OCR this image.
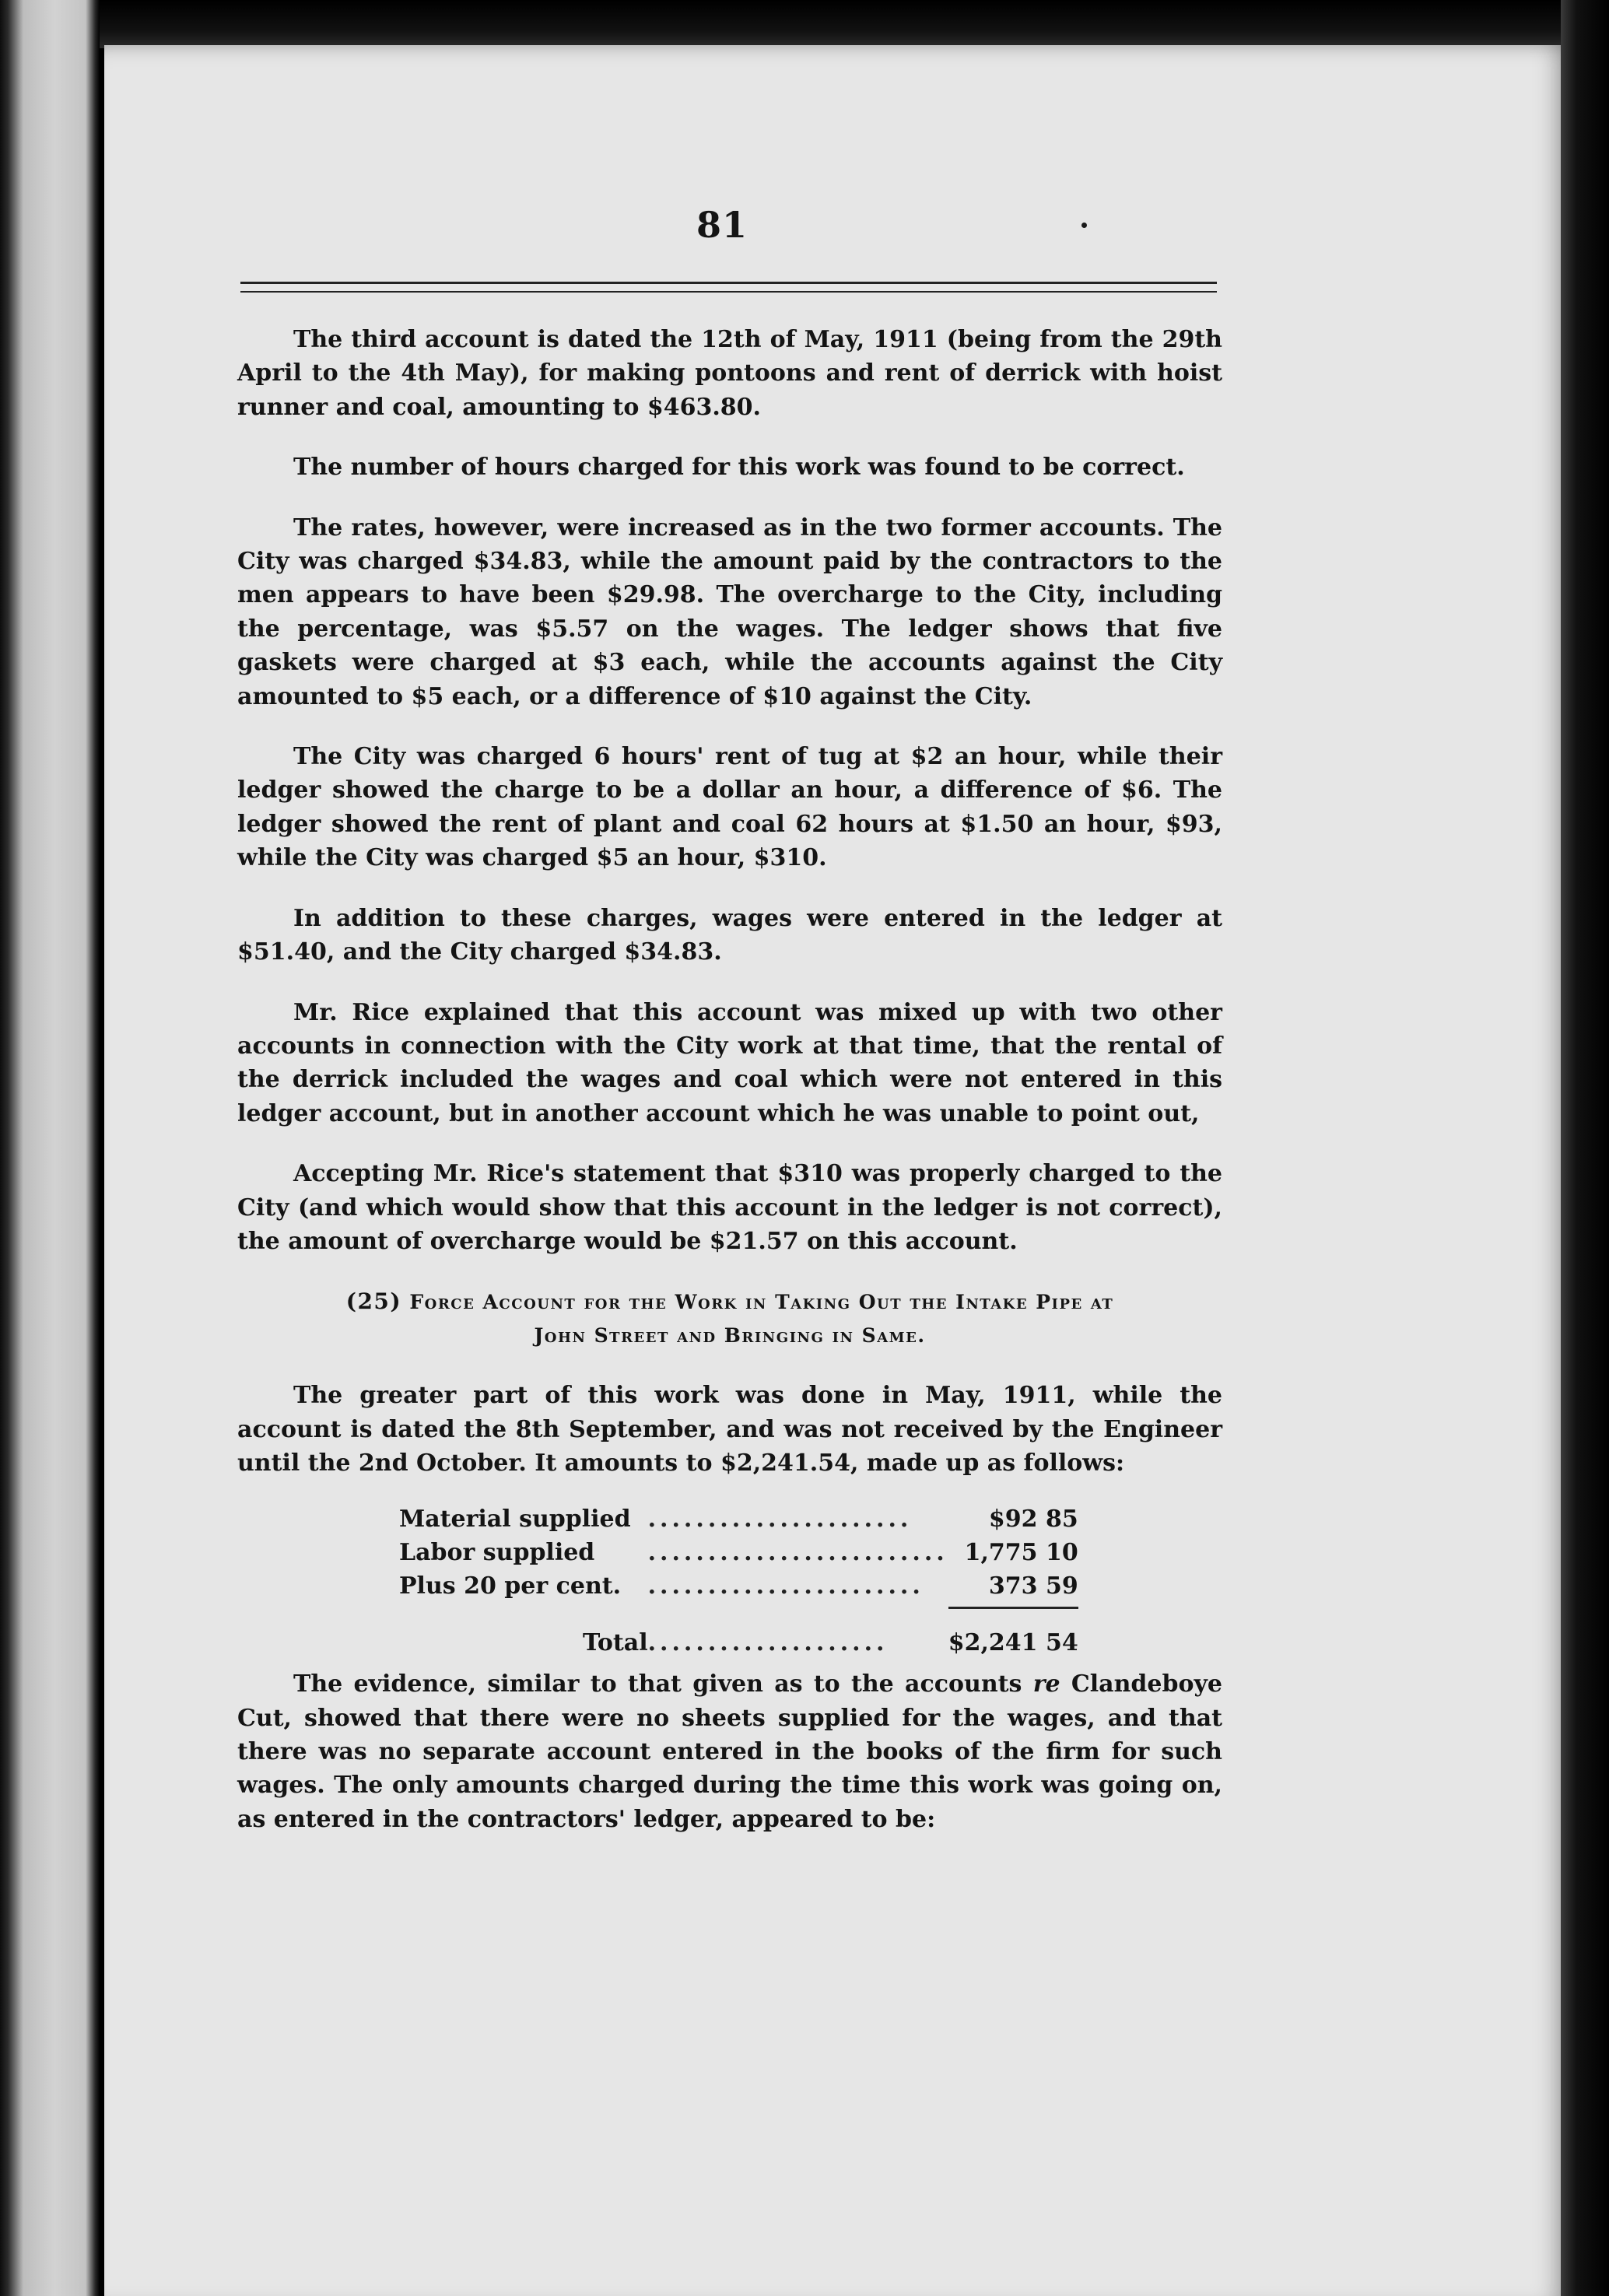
81

The third account is dated the 12th of May, 1911 (being from the 29th April to the 4th May), for making pontoons and rent of derrick with hoist runner and coal, amounting to $463.80.

The number of hours charged for this work was found to be correct.

The rates, however, were increased as in the two former accounts. The City was charged $34.83, while the amount paid by the contractors to the men appears to have been $29.98. The overcharge to the City, including the percentage, was $5.57 on the wages. The ledger shows that five gaskets were charged at $3 each, while the accounts against the City amounted to $5 each, or a difference of $10 against the City.

The City was charged 6 hours' rent of tug at $2 an hour, while their ledger showed the charge to be a dollar an hour, a difference of $6. The ledger showed the rent of plant and coal 62 hours at $1.50 an hour, $93, while the City was charged $5 an hour, $310.

In addition to these charges, wages were entered in the ledger at $51.40, and the City charged $34.83.

Mr. Rice explained that this account was mixed up with two other accounts in connection with the City work at that time, that the rental of the derrick included the wages and coal which were not entered in this ledger account, but in another account which he was unable to point out,

Accepting Mr. Rice's statement that $310 was properly charged to the City (and which would show that this account in the ledger is not correct), the amount of overcharge would be $21.57 on this account.

(25) Force Account for the Work in Taking Out the Intake Pipe at
John Street and Bringing in Same.

The greater part of this work was done in May, 1911, while the account is dated the 8th September, and was not received by the Engineer until the 2nd October. It amounts to $2,241.54, made up as follows:

Material supplied	......................	$92 85
Labor supplied	.........................	1,775 10
Plus 20 per cent.	.......................	373 59
Total	....................	$2,241 54

The evidence, similar to that given as to the accounts re Clandeboye Cut, showed that there were no sheets supplied for the wages, and that there was no separate account entered in the books of the firm for such wages. The only amounts charged during the time this work was going on, as entered in the contractors' ledger, appeared to be:
